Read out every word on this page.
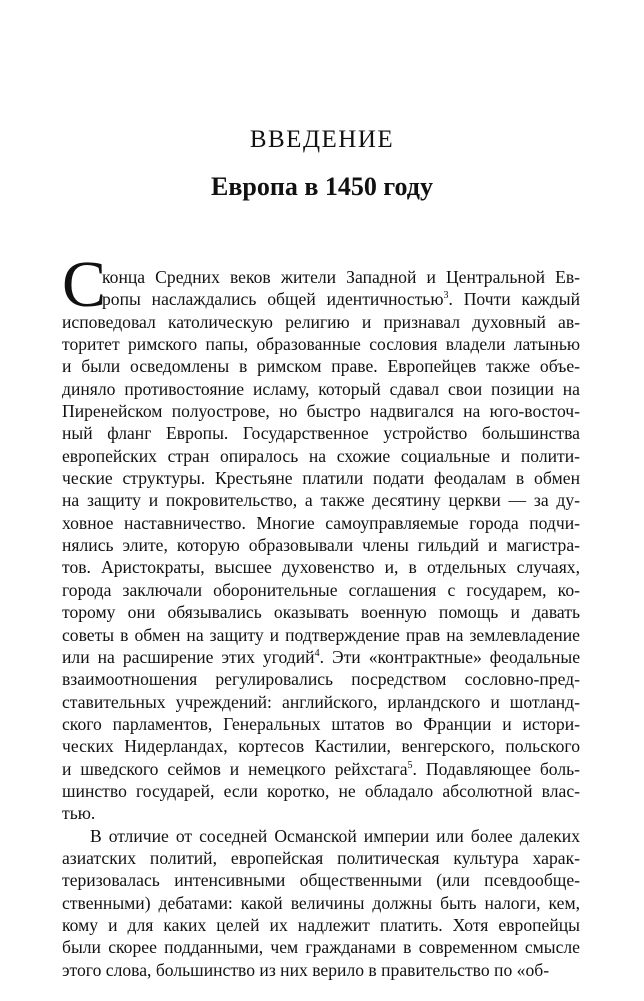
ВВЕДЕНИЕ
Европа в 1450 году
С
конца Средних веков жители Западной и Центральной Ев-
ропы наслаждались общей идентичностью$^3$. Почти каждый
исповедовал католическую религию и признавал духовный ав-
торитет римского папы, образованные сословия владели латынью
и были осведомлены в римском праве. Европейцев также объе-
диняло противостояние исламу, который сдавал свои позиции на
Пиренейском полуострове, но быстро надвигался на юго-восточ-
ный фланг Европы. Государственное устройство большинства
европейских стран опиралось на схожие социальные и полити-
ческие структуры. Крестьяне платили подати феодалам в обмен
на защиту и покровительство, а также десятину церкви — за ду-
ховное наставничество. Многие самоуправляемые города подчи-
нялись элите, которую образовывали члены гильдий и магистра-
тов. Аристократы, высшее духовенство и, в отдельных случаях,
города заключали оборонительные соглашения с государем, ко-
торому они обязывались оказывать военную помощь и давать
советы в обмен на защиту и подтверждение прав на землевладение
или на расширение этих угодий$^4$. Эти «контрактные» феодальные
взаимоотношения регулировались посредством сословно-пред-
ставительных учреждений: английского, ирландского и шотланд-
ского парламентов, Генеральных штатов во Франции и истори-
ческих Нидерландах, кортесов Кастилии, венгерского, польского
и шведского сеймов и немецкого рейхстага$^5$. Подавляющее боль-
шинство государей, если коротко, не обладало абсолютной влас-
тью.
В отличие от соседней Османской империи или более далеких
азиатских политий, европейская политическая культура харак-
теризовалась интенсивными общественными (или псевдообще-
ственными) дебатами: какой величины должны быть налоги, кем,
кому и для каких целей их надлежит платить. Хотя европейцы
были скорее подданными, чем гражданами в современном смысле
этого слова, большинство из них верило в правительство по «об-
